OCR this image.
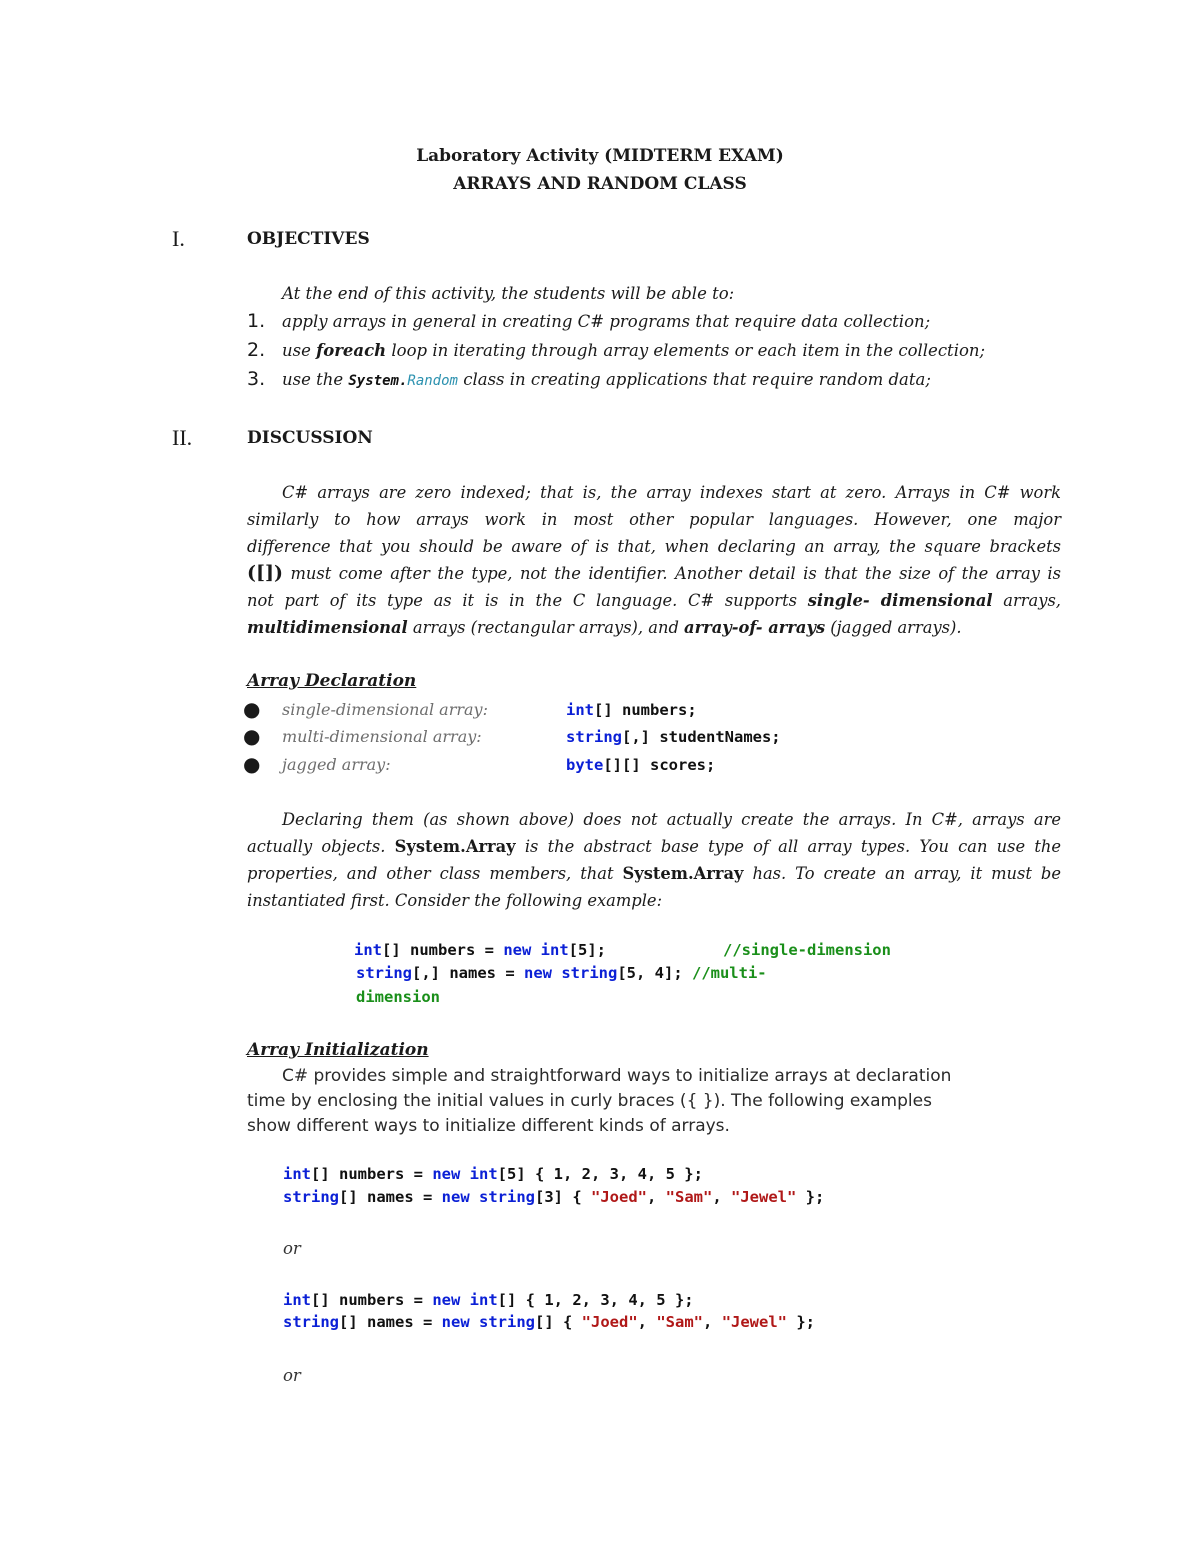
Laboratory Activity (MIDTERM EXAM)
ARRAYS AND RANDOM CLASS
I.	OBJECTIVES
At the end of this activity, the students will be able to:
1. apply arrays in general in creating C# programs that require data collection;
2. use foreach loop in iterating through array elements or each item in the collection;
3. use the System.Random class in creating applications that require random data;
II.	DISCUSSION
C# arrays are zero indexed; that is, the array indexes start at zero. Arrays in C# work
similarly to how arrays work in most other popular languages. However, one major
difference that you should be aware of is that, when declaring an array, the square brackets
([]) must come after the type, not the identifier. Another detail is that the size of the array is
not part of its type as it is in the C language. C# supports single- dimensional arrays,
multidimensional arrays (rectangular arrays), and array-of- arrays (jagged arrays).
Array Declaration
● single-dimensional array:	int[] numbers;
● multi-dimensional array:	string[,] studentNames;
● jagged array:	byte[][] scores;
Declaring them (as shown above) does not actually create the arrays. In C#, arrays are
actually objects. System.Array is the abstract base type of all array types. You can use the
properties, and other class members, that System.Array has. To create an array, it must be
instantiated first. Consider the following example:
int[] numbers = new int[5];	//single-dimension
string[,] names = new string[5, 4]; //multi-
dimension
Array Initialization
C# provides simple and straightforward ways to initialize arrays at declaration
time by enclosing the initial values in curly braces ({ }). The following examples
show different ways to initialize different kinds of arrays.
int[] numbers = new int[5] { 1, 2, 3, 4, 5 };
string[] names = new string[3] { "Joed", "Sam", "Jewel" };
or
int[] numbers = new int[] { 1, 2, 3, 4, 5 };
string[] names = new string[] { "Joed", "Sam", "Jewel" };
or
